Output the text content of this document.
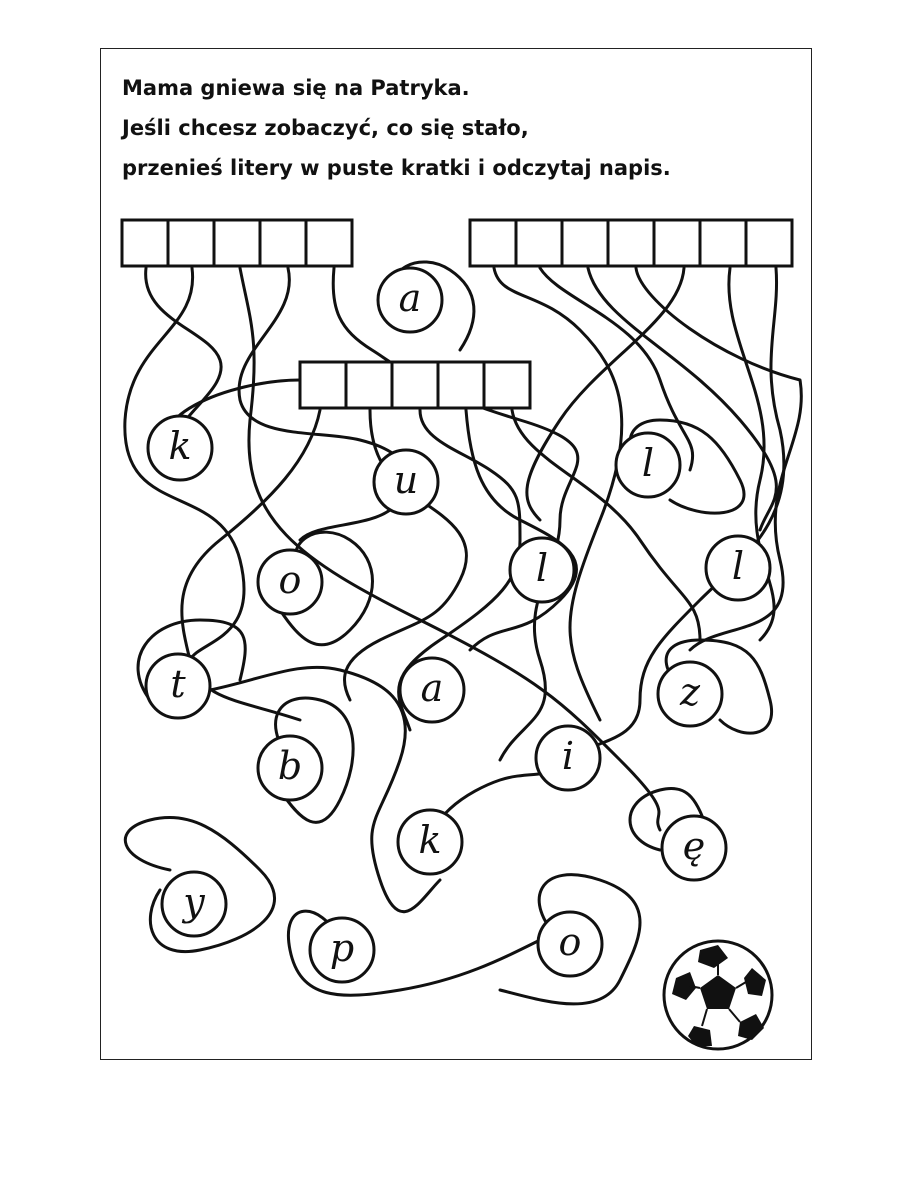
Mama gniewa się na Patryka.

Jeśli chcesz zobaczyć, co się stało,

przenieś litery w puste kratki i odczytaj napis.

a
k
u	l
l	l
o
t	a	z
b	i
k	ę
y
p	o
